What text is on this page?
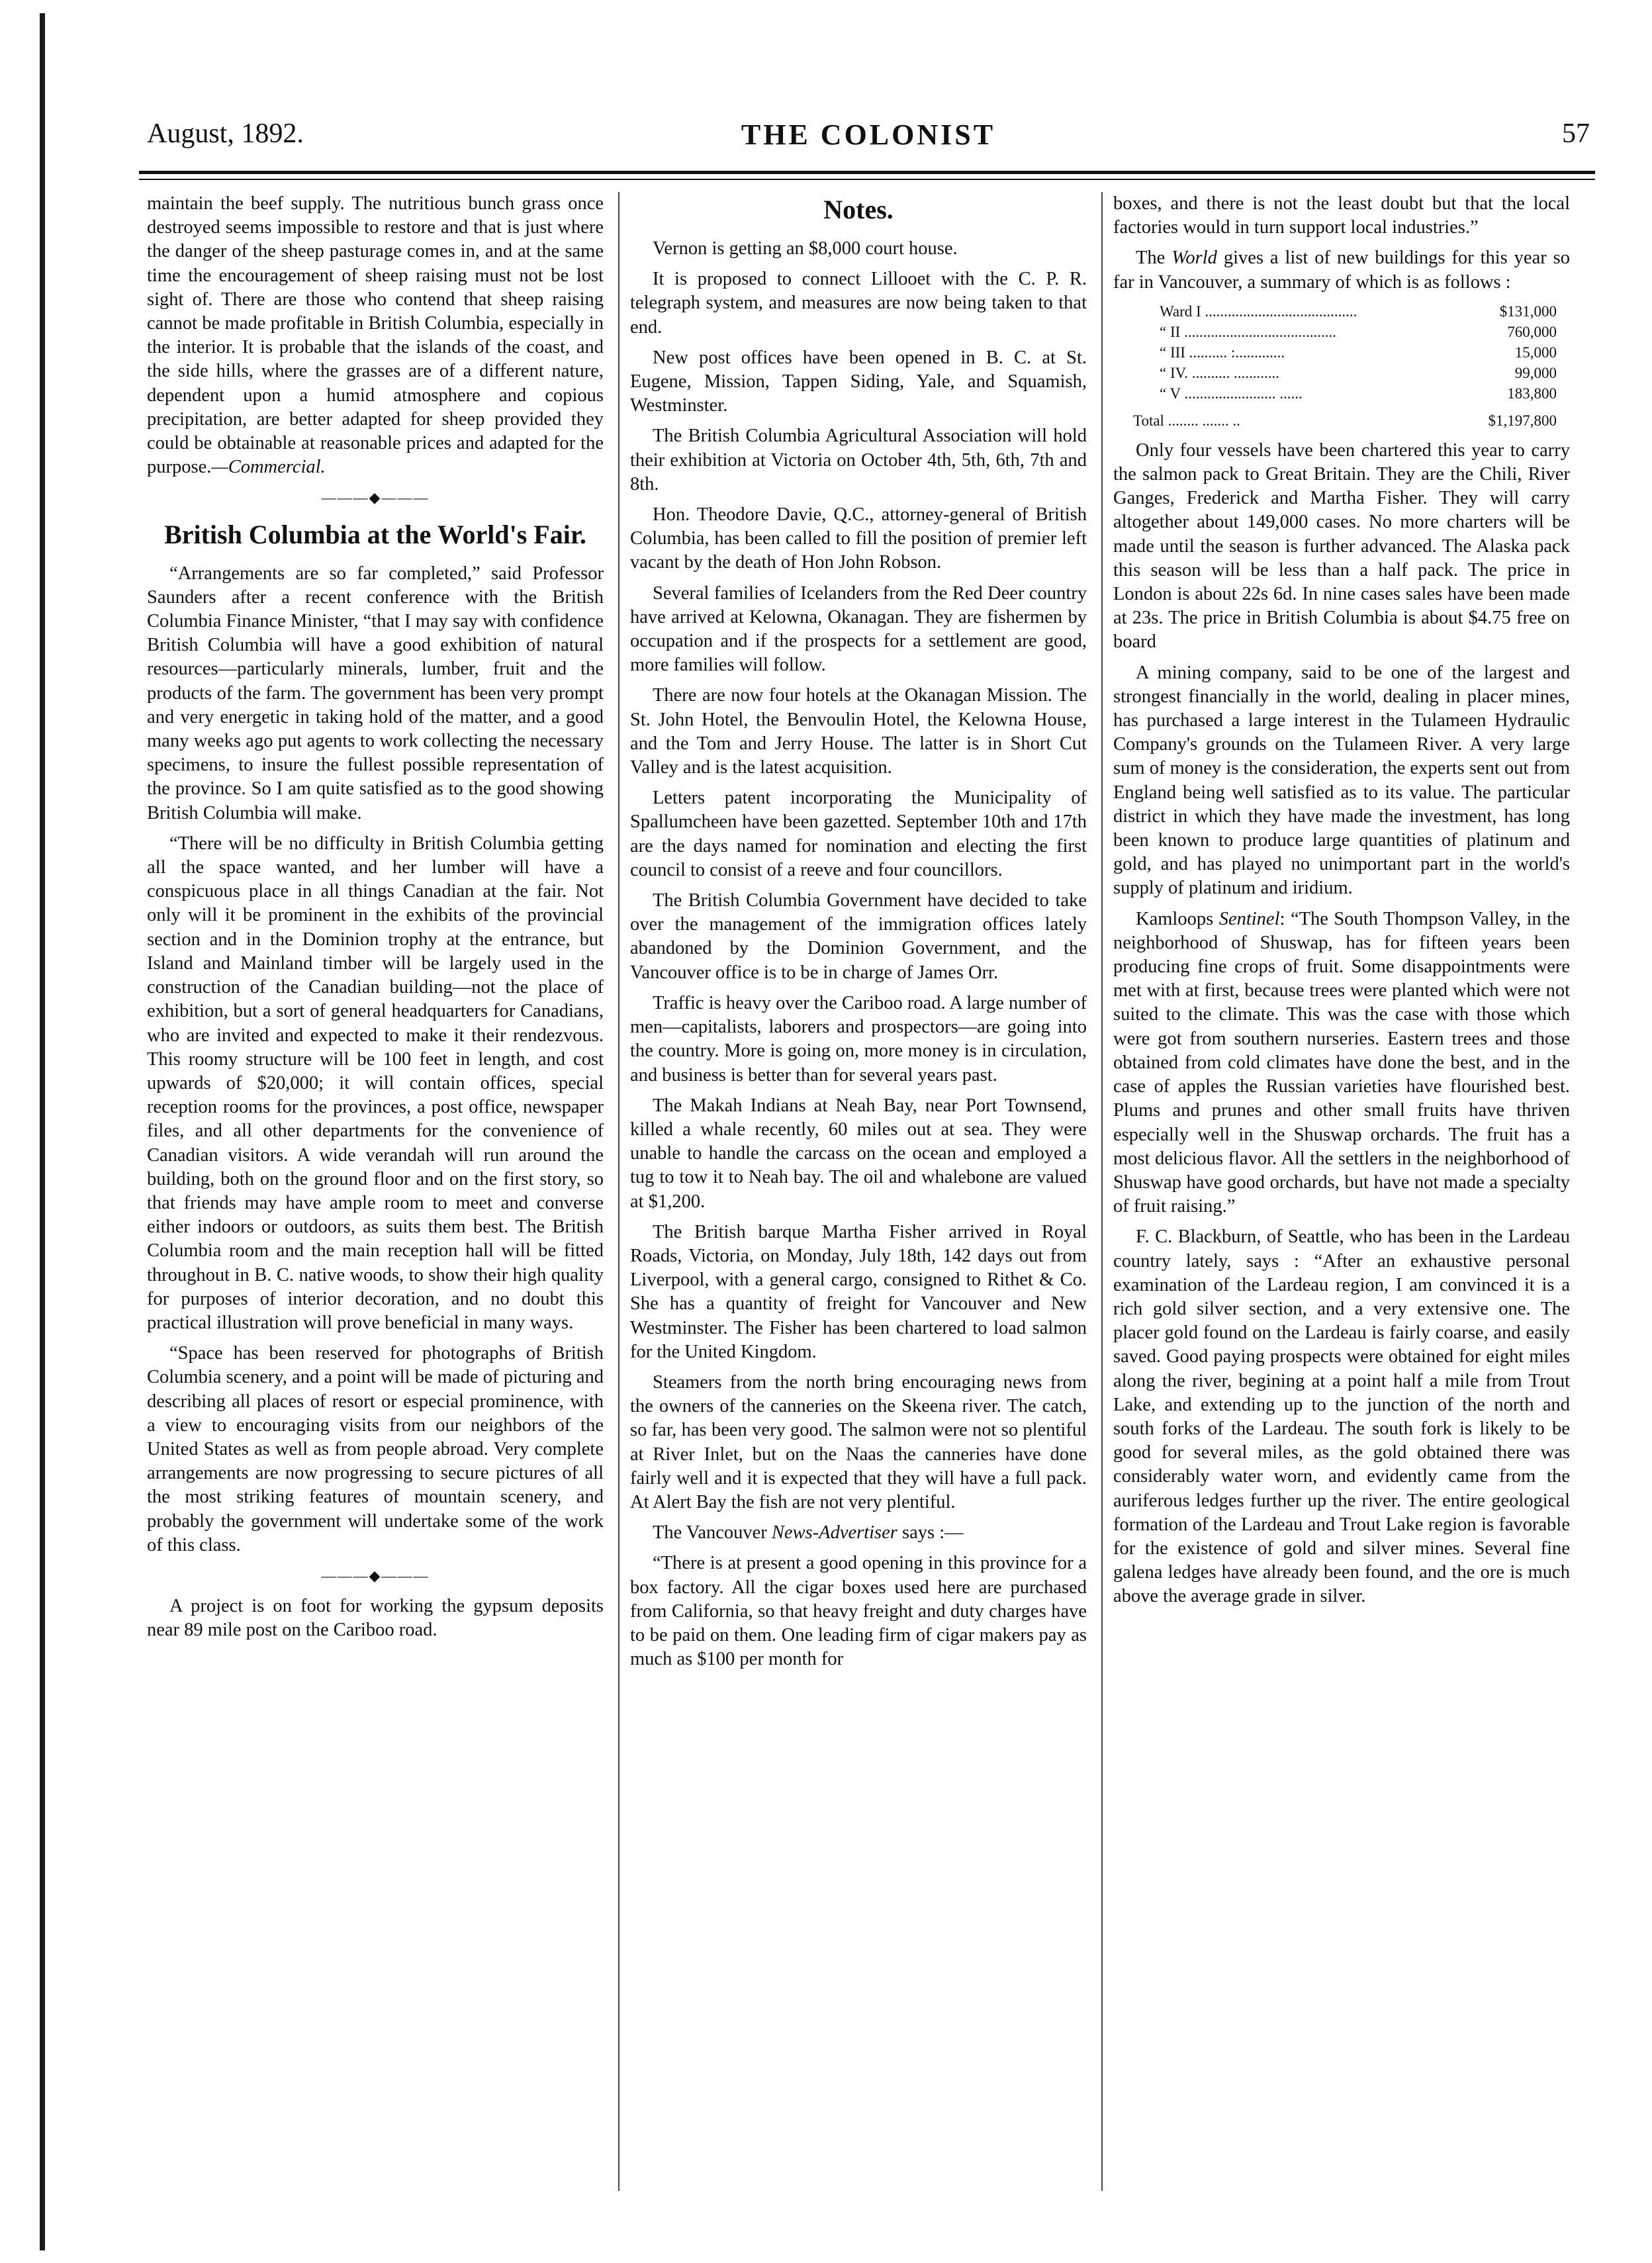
August, 1892.	THE COLONIST	57

maintain the beef supply. The nutritious bunch grass once destroyed seems impossible to restore and that is just where the danger of the sheep pasturage comes in, and at the same time the encouragement of sheep raising must not be lost sight of. There are those who contend that sheep raising cannot be made profitable in British Columbia, especially in the interior. It is probable that the islands of the coast, and the side hills, where the grasses are of a different nature, dependent upon a humid atmosphere and copious precipitation, are better adapted for sheep provided they could be obtainable at reasonable prices and adapted for the purpose.—Commercial.

———◆———
British Columbia at the World's Fair.

“Arrangements are so far completed,” said Professor Saunders after a recent conference with the British Columbia Finance Minister, “that I may say with confidence British Columbia will have a good exhibition of natural resources—particularly minerals, lumber, fruit and the products of the farm. The government has been very prompt and very energetic in taking hold of the matter, and a good many weeks ago put agents to work collecting the necessary specimens, to insure the fullest possible representation of the province. So I am quite satisfied as to the good showing British Columbia will make.

“There will be no difficulty in British Columbia getting all the space wanted, and her lumber will have a conspicuous place in all things Canadian at the fair. Not only will it be prominent in the exhibits of the provincial section and in the Dominion trophy at the entrance, but Island and Mainland timber will be largely used in the construction of the Canadian building—not the place of exhibition, but a sort of general headquarters for Canadians, who are invited and expected to make it their rendezvous. This roomy structure will be 100 feet in length, and cost upwards of $20,000; it will contain offices, special reception rooms for the provinces, a post office, newspaper files, and all other departments for the convenience of Canadian visitors. A wide verandah will run around the building, both on the ground floor and on the first story, so that friends may have ample room to meet and converse either indoors or outdoors, as suits them best. The British Columbia room and the main reception hall will be fitted throughout in B. C. native woods, to show their high quality for purposes of interior decoration, and no doubt this practical illustration will prove beneficial in many ways.

“Space has been reserved for photographs of British Columbia scenery, and a point will be made of picturing and describing all places of resort or especial prominence, with a view to encouraging visits from our neighbors of the United States as well as from people abroad. Very complete arrangements are now progressing to secure pictures of all the most striking features of mountain scenery, and probably the government will undertake some of the work of this class.

———◆———

A project is on foot for working the gypsum deposits near 89 mile post on the Cariboo road.

Notes.

Vernon is getting an $8,000 court house.

It is proposed to connect Lillooet with the C. P. R. telegraph system, and measures are now being taken to that end.

New post offices have been opened in B. C. at St. Eugene, Mission, Tappen Siding, Yale, and Squamish, Westminster.

The British Columbia Agricultural Association will hold their exhibition at Victoria on October 4th, 5th, 6th, 7th and 8th.

Hon. Theodore Davie, Q.C., attorney-general of British Columbia, has been called to fill the position of premier left vacant by the death of Hon John Robson.

Several families of Icelanders from the Red Deer country have arrived at Kelowna, Okanagan. They are fishermen by occupation and if the prospects for a settlement are good, more families will follow.

There are now four hotels at the Okanagan Mission. The St. John Hotel, the Benvoulin Hotel, the Kelowna House, and the Tom and Jerry House. The latter is in Short Cut Valley and is the latest acquisition.

Letters patent incorporating the Municipality of Spallumcheen have been gazetted. September 10th and 17th are the days named for nomination and electing the first council to consist of a reeve and four councillors.

The British Columbia Government have decided to take over the management of the immigration offices lately abandoned by the Dominion Government, and the Vancouver office is to be in charge of James Orr.

Traffic is heavy over the Cariboo road. A large number of men—capitalists, laborers and prospectors—are going into the country. More is going on, more money is in circulation, and business is better than for several years past.

The Makah Indians at Neah Bay, near Port Townsend, killed a whale recently, 60 miles out at sea. They were unable to handle the carcass on the ocean and employed a tug to tow it to Neah bay. The oil and whalebone are valued at $1,200.

The British barque Martha Fisher arrived in Royal Roads, Victoria, on Monday, July 18th, 142 days out from Liverpool, with a general cargo, consigned to Rithet & Co. She has a quantity of freight for Vancouver and New Westminster. The Fisher has been chartered to load salmon for the United Kingdom.

Steamers from the north bring encouraging news from the owners of the canneries on the Skeena river. The catch, so far, has been very good. The salmon were not so plentiful at River Inlet, but on the Naas the canneries have done fairly well and it is expected that they will have a full pack. At Alert Bay the fish are not very plentiful.

The Vancouver News-Advertiser says :—

“There is at present a good opening in this province for a box factory. All the cigar boxes used here are purchased from California, so that heavy freight and duty charges have to be paid on them. One leading firm of cigar makers pay as much as $100 per month for

boxes, and there is not the least doubt but that the local factories would in turn support local industries.”

The World gives a list of new buildings for this year so far in Vancouver, a summary of which is as follows :

Ward I ........................................	$131,000
“ II ........................................	760,000
“ III .......... :.............	15,000
“ IV. .......... ............	99,000
“ V ........................ ......	183,800
Total ........ ....... ..	$1,197,800

Only four vessels have been chartered this year to carry the salmon pack to Great Britain. They are the Chili, River Ganges, Frederick and Martha Fisher. They will carry altogether about 149,000 cases. No more charters will be made until the season is further advanced. The Alaska pack this season will be less than a half pack. The price in London is about 22s 6d. In nine cases sales have been made at 23s. The price in British Columbia is about $4.75 free on board

A mining company, said to be one of the largest and strongest financially in the world, dealing in placer mines, has purchased a large interest in the Tulameen Hydraulic Company's grounds on the Tulameen River. A very large sum of money is the consideration, the experts sent out from England being well satisfied as to its value. The particular district in which they have made the investment, has long been known to produce large quantities of platinum and gold, and has played no unimportant part in the world's supply of platinum and iridium.

Kamloops Sentinel: “The South Thompson Valley, in the neighborhood of Shuswap, has for fifteen years been producing fine crops of fruit. Some disappointments were met with at first, because trees were planted which were not suited to the climate. This was the case with those which were got from southern nurseries. Eastern trees and those obtained from cold climates have done the best, and in the case of apples the Russian varieties have flourished best. Plums and prunes and other small fruits have thriven especially well in the Shuswap orchards. The fruit has a most delicious flavor. All the settlers in the neighborhood of Shuswap have good orchards, but have not made a specialty of fruit raising.”

F. C. Blackburn, of Seattle, who has been in the Lardeau country lately, says : “After an exhaustive personal examination of the Lardeau region, I am convinced it is a rich gold silver section, and a very extensive one. The placer gold found on the Lardeau is fairly coarse, and easily saved. Good paying prospects were obtained for eight miles along the river, begining at a point half a mile from Trout Lake, and extending up to the junction of the north and south forks of the Lardeau. The south fork is likely to be good for several miles, as the gold obtained there was considerably water worn, and evidently came from the auriferous ledges further up the river. The entire geological formation of the Lardeau and Trout Lake region is favorable for the existence of gold and silver mines. Several fine galena ledges have already been found, and the ore is much above the average grade in silver.
